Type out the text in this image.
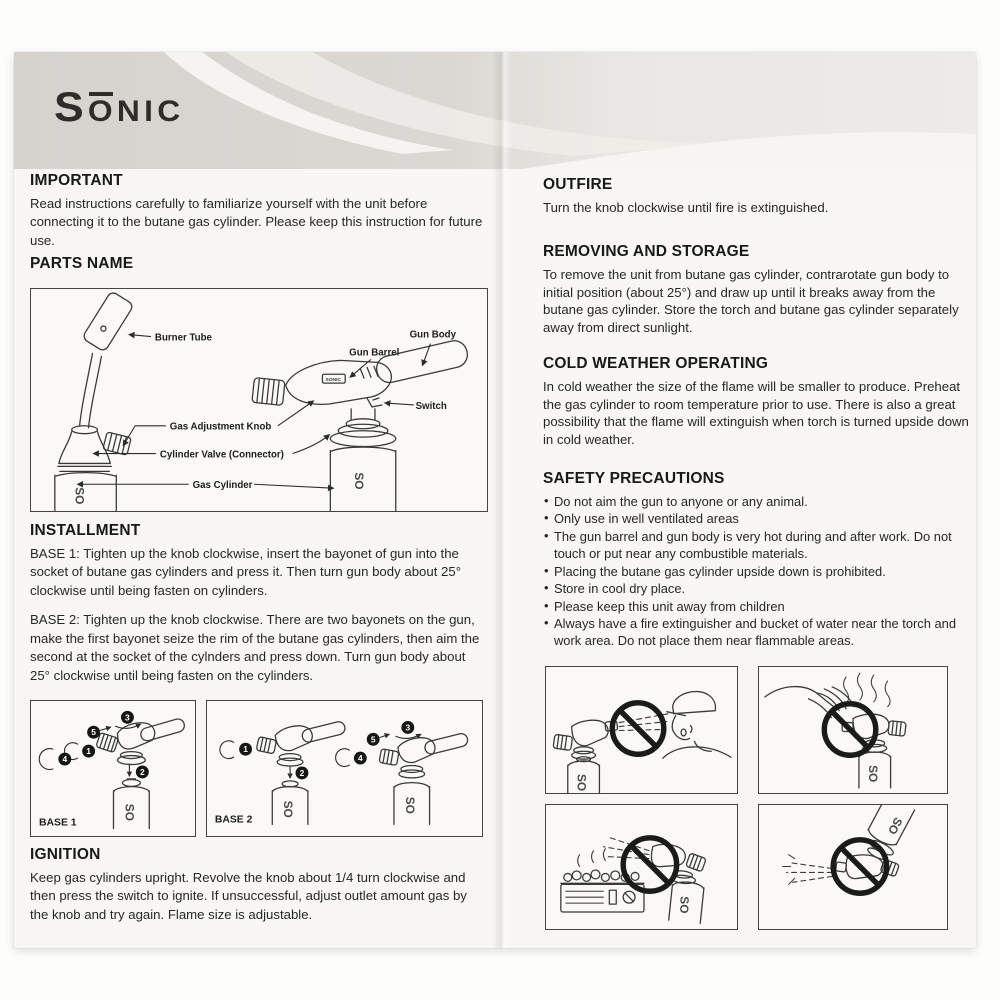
SONIC
IMPORTANT

Read instructions carefully to familiarize yourself with the unit before connecting it to the butane gas cylinder. Please keep this instruction for future use.

PARTS NAME
SO
SONIC
SO
Burner Tube	Gun Body
Gun Barrel
Switch
Gas Adjustment Knob
Cylinder Valve (Connector)
Gas Cylinder
INSTALLMENT

BASE 1: Tighten up the knob clockwise, insert the bayonet of gun into the socket of butane gas cylinders and press it. Then turn gun body about 25° clockwise until being fasten on cylinders.

BASE 2: Tighten up the knob clockwise. There are two bayonets on the gun, make the first bayonet seize the rim of the butane gas cylinders, then aim the second at the socket of the cylnders and press down. Turn gun body about 25° clockwise until being fasten on the cylinders.

SO
3
5
1
4
2
BASE 1
SO	SO
1
2
3
5
4
BASE 2
IGNITION

Keep gas cylinders upright. Revolve the knob about 1/4 turn clockwise and then press the switch to ignite. If unsuccessful, adjust outlet amount gas by the knob and try again. Flame size is adjustable.

OUTFIRE

Turn the knob clockwise until fire is extinguished.

REMOVING AND STORAGE

To remove the unit from butane gas cylinder, contrarotate gun body to initial position (about 25°) and draw up until it breaks away from the butane gas cylinder. Store the torch and butane gas cylinder separately away from direct sunlight.

COLD WEATHER OPERATING

In cold weather the size of the flame will be smaller to produce. Preheat the gas cylinder to room temperature prior to use. There is also a great possibility that the flame will extinguish when torch is turned upside down in cold weather.

SAFETY PRECAUTIONS
• Do not aim the gun to anyone or any animal.
• Only use in well ventilated areas
• The gun barrel and gun body is very hot during and after work. Do not touch or put near any combustible materials.
• Placing the butane gas cylinder upside down is prohibited.
• Store in cool dry place.
• Please keep this unit away from children
• Always have a fire extinguisher and bucket of water near the torch and work area. Do not place them near flammable areas.
SO
SO
SO
SO
